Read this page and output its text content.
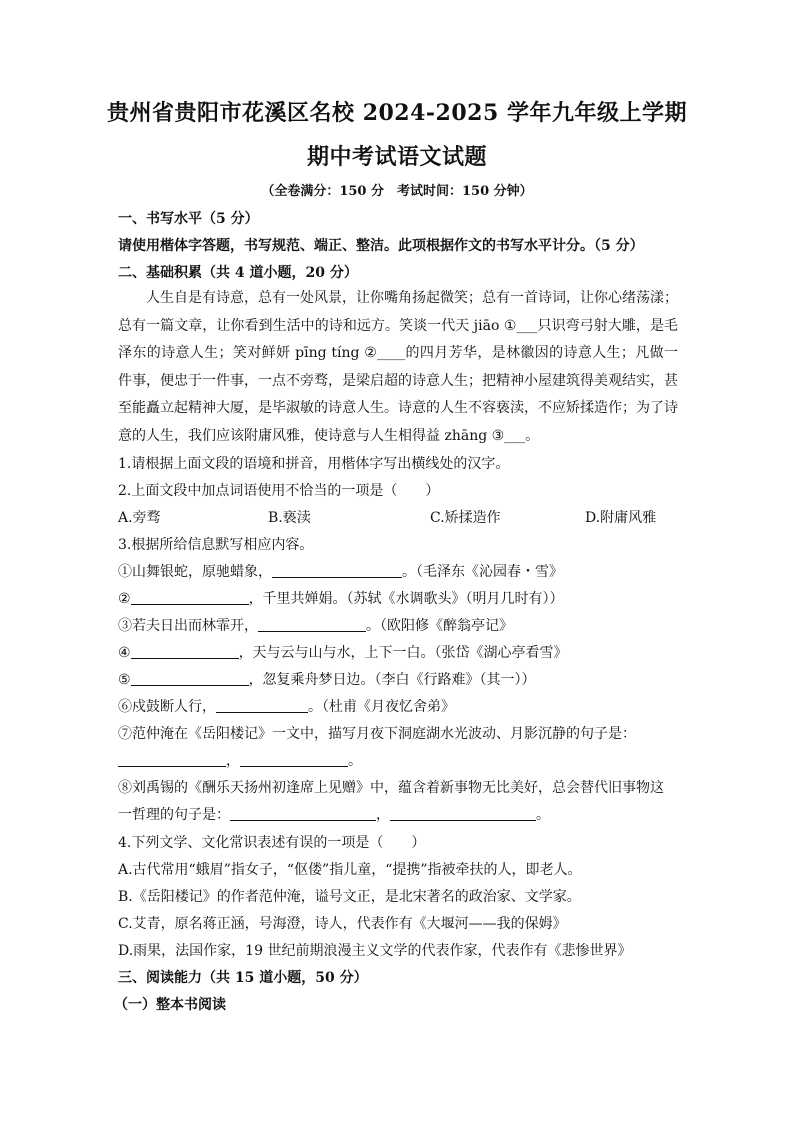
贵州省贵阳市花溪区名校 2024-2025 学年九年级上学期
期中考试语文试题
（全卷满分：150 分　考试时间：150 分钟）
一、书写水平（5 分）
请使用楷体字答题，书写规范、端正、整洁。此项根据作文的书写水平计分。（5 分）
二、基础积累（共 4 道小题，20 分）
人生自是有诗意，总有一处风景，让你嘴角扬起微笑；总有一首诗词，让你心绪荡漾；总有一篇文章，让你看到生活中的诗和远方。笑谈一代天 jiāo ①___只识弯弓射大雕，是毛泽东的诗意人生；笑对鲜妍 pīng tíng ②____的四月芳华，是林徽因的诗意人生；凡做一件事，便忠于一件事，一点不旁骛，是梁启超的诗意人生；把精神小屋建筑得美观结实，甚至能矗立起精神大厦，是毕淑敏的诗意人生。诗意的人生不容亵渎，不应矫揉造作；为了诗意的人生，我们应该附庸风雅，使诗意与人生相得益 zhāng ③___。
1.请根据上面文段的语境和拼音，用楷体字写出横线处的汉字。
2.上面文段中加点词语使用不恰当的一项是（　　）
A.旁骛	B.亵渎	C.矫揉造作	D.附庸风雅
3.根据所给信息默写相应内容。
①山舞银蛇，原驰蜡象，	。（毛泽东《沁园春・雪》
②	，千里共婵娟。（苏轼《水调歌头》（明月几时有））
③若夫日出而林霏开，	。（欧阳修《醉翁亭记》
④	，天与云与山与水，上下一白。（张岱《湖心亭看雪》
⑤	，忽复乘舟梦日边。（李白《行路难》（其一））
⑥戍鼓断人行，	。（杜甫《月夜忆舍弟》
⑦范仲淹在《岳阳楼记》一文中，描写月夜下洞庭湖水光波动、月影沉静的句子是：
，	。
⑧刘禹锡的《酬乐天扬州初逢席上见赠》中，蕴含着新事物无比美好，总会替代旧事物这
一哲理的句子是：	，	。
4.下列文学、文化常识表述有误的一项是（　　）
A.古代常用“蛾眉”指女子，“伛偻”指儿童，“提携”指被牵扶的人，即老人。
B.《岳阳楼记》的作者范仲淹，谥号文正，是北宋著名的政治家、文学家。
C.艾青，原名蒋正涵，号海澄，诗人，代表作有《大堰河——我的保姆》
D.雨果，法国作家，19 世纪前期浪漫主义文学的代表作家，代表作有《悲惨世界》
三、阅读能力（共 15 道小题，50 分）
（一）整本书阅读
